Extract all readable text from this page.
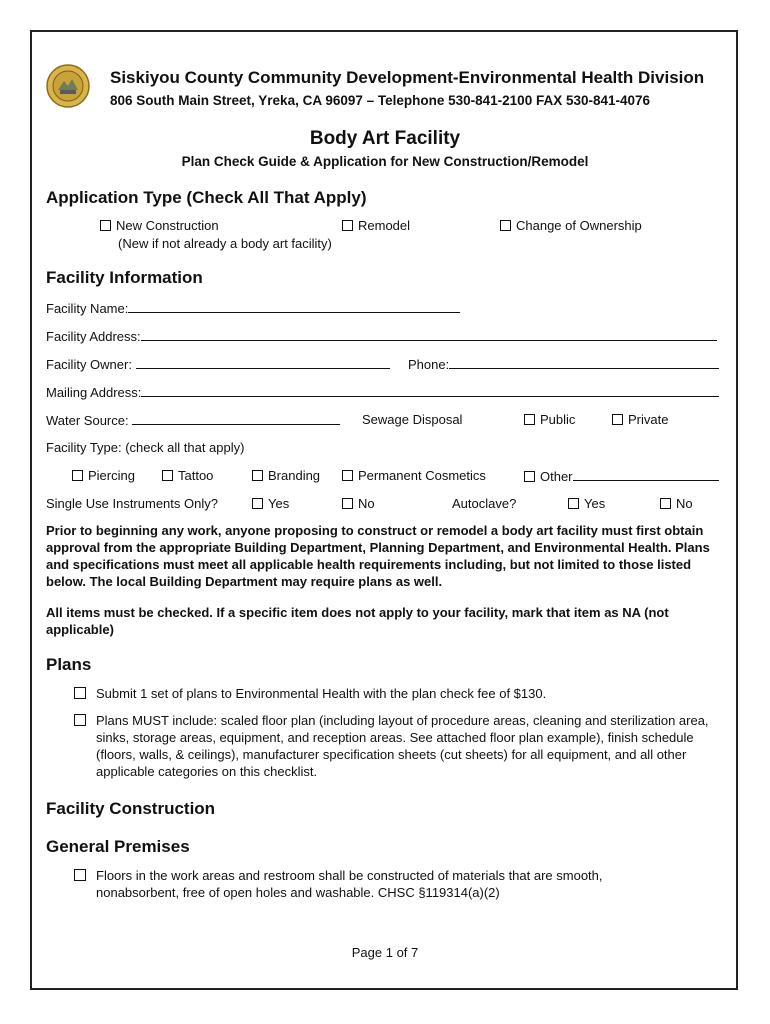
Siskiyou County Community Development-Environmental Health Division
806 South Main Street, Yreka, CA 96097 – Telephone 530-841-2100 FAX 530-841-4076
Body Art Facility
Plan Check Guide & Application for New Construction/Remodel
Application Type (Check All That Apply)
New Construction
(New if not already a body art facility)
Remodel	Change of Ownership
Facility Information
Facility Name:
Facility Address:
Facility Owner:	Phone:
Mailing Address:
Water Source:	Sewage Disposal	Public	Private
Facility Type: (check all that apply)
Piercing	Tattoo	Branding	Permanent Cosmetics	Other
Single Use Instruments Only?	Yes	No	Autoclave?	Yes	No
Prior to beginning any work, anyone proposing to construct or remodel a body art facility must first obtain approval from the appropriate Building Department, Planning Department, and Environmental Health. Plans and specifications must meet all applicable health requirements including, but not limited to those listed below. The local Building Department may require plans as well.
All items must be checked. If a specific item does not apply to your facility, mark that item as NA (not applicable)
Plans
Submit 1 set of plans to Environmental Health with the plan check fee of $130.
Plans MUST include: scaled floor plan (including layout of procedure areas, cleaning and sterilization area, sinks, storage areas, equipment, and reception areas. See attached floor plan example), finish schedule (floors, walls, & ceilings), manufacturer specification sheets (cut sheets) for all equipment, and all other applicable categories on this checklist.
Facility Construction
General Premises
Floors in the work areas and restroom shall be constructed of materials that are smooth, nonabsorbent, free of open holes and washable. CHSC §119314(a)(2)
Page 1 of 7
